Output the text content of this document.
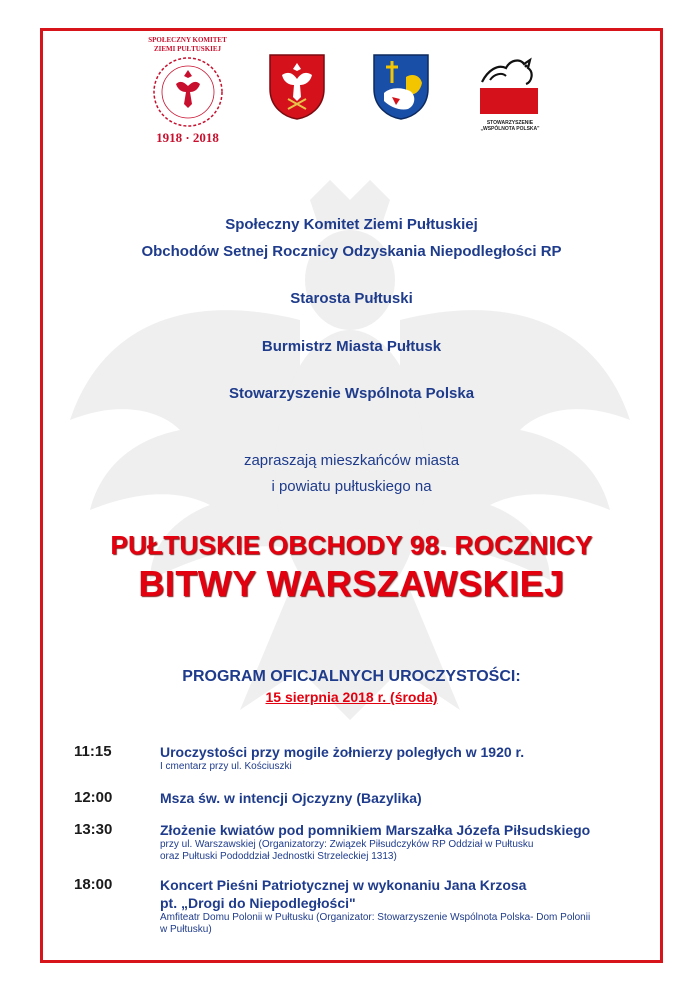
SPOŁECZNY KOMITET
ZIEMI PUŁTUSKIEJ
1918 · 2018
STOWARZYSZENIE
„WSPÓLNOTA POLSKA"
Społeczny Komitet Ziemi Pułtuskiej
Obchodów Setnej Rocznicy Odzyskania Niepodległości RP
Starosta Pułtuski
Burmistrz Miasta Pułtusk
Stowarzyszenie Wspólnota Polska
zapraszają mieszkańców miasta
i powiatu pułtuskiego na
PUŁTUSKIE OBCHODY 98. ROCZNICY
BITWY WARSZAWSKIEJ
PROGRAM OFICJALNYCH UROCZYSTOŚCI:
15 sierpnia 2018 r. (środa)
11:15	Uroczystości przy mogile żołnierzy poległych w 1920 r.
I cmentarz przy ul. Kościuszki
12:00	Msza św. w intencji Ojczyzny (Bazylika)
13:30	Złożenie kwiatów pod pomnikiem Marszałka Józefa Piłsudskiego
przy ul. Warszawskiej (Organizatorzy: Związek Piłsudczyków RP Oddział w Pułtusku
oraz Pułtuski Pododdział Jednostki Strzeleckiej 1313)
18:00	Koncert Pieśni Patriotycznej w wykonaniu Jana Krzosa
pt. „Drogi do Niepodległości"
Amfiteatr Domu Polonii w Pułtusku (Organizator: Stowarzyszenie Wspólnota Polska- Dom Polonii
w Pułtusku)
